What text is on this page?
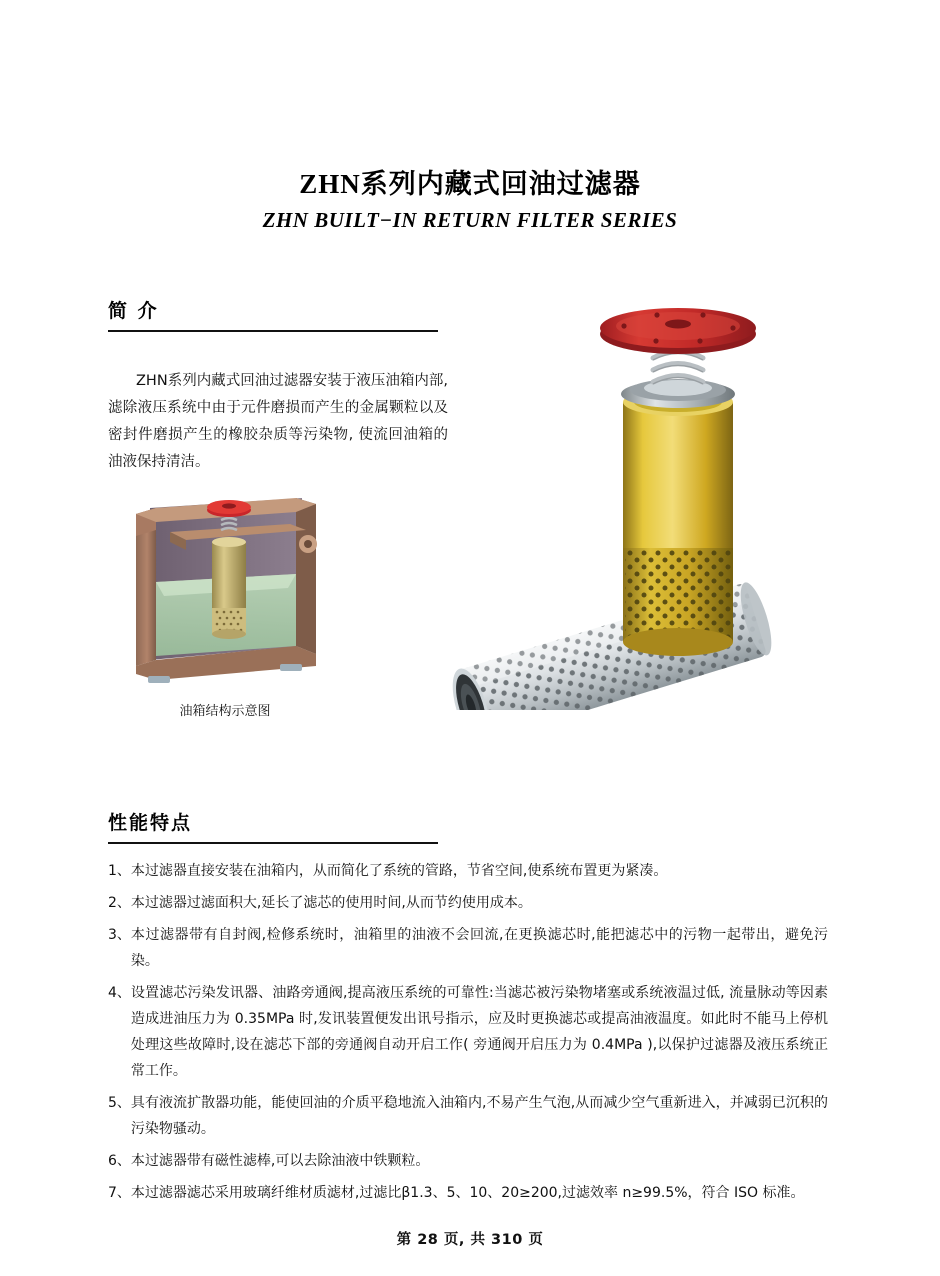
ZHN系列内藏式回油过滤器
ZHN BUILT−IN RETURN FILTER SERIES
简 介
ZHN系列内藏式回油过滤器安装于液压油箱内部, 滤除液压系统中由于元件磨损而产生的金属颗粒以及密封件磨损产生的橡胶杂质等污染物, 使流回油箱的油液保持清洁。
油箱结构示意图
性能特点
1、 本过滤器直接安装在油箱内，从而简化了系统的管路，节省空间,使系统布置更为紧凑。
2、 本过滤器过滤面积大,延长了滤芯的使用时间,从而节约使用成本。
3、 本过滤器带有自封阀,检修系统时，油箱里的油液不会回流,在更换滤芯时,能把滤芯中的污物一起带出，避免污染。
4、 设置滤芯污染发讯器、油路旁通阀,提高液压系统的可靠性:当滤芯被污染物堵塞或系统液温过低, 流量脉动等因素造成进油压力为 0.35MPa 时,发讯装置便发出讯号指示，应及时更换滤芯或提高油液温度。如此时不能马上停机处理这些故障时,设在滤芯下部的旁通阀自动开启工作( 旁通阀开启压力为 0.4MPa ),以保护过滤器及液压系统正常工作。
5、 具有液流扩散器功能，能使回油的介质平稳地流入油箱内,不易产生气泡,从而减少空气重新进入，并减弱已沉积的污染物骚动。
6、 本过滤器带有磁性滤棒,可以去除油液中铁颗粒。
7、 本过滤器滤芯采用玻璃纤维材质滤材,过滤比β1.3、5、10、20≥200,过滤效率 n≥99.5%，符合 ISO 标准。
第 28 页, 共 310 页
